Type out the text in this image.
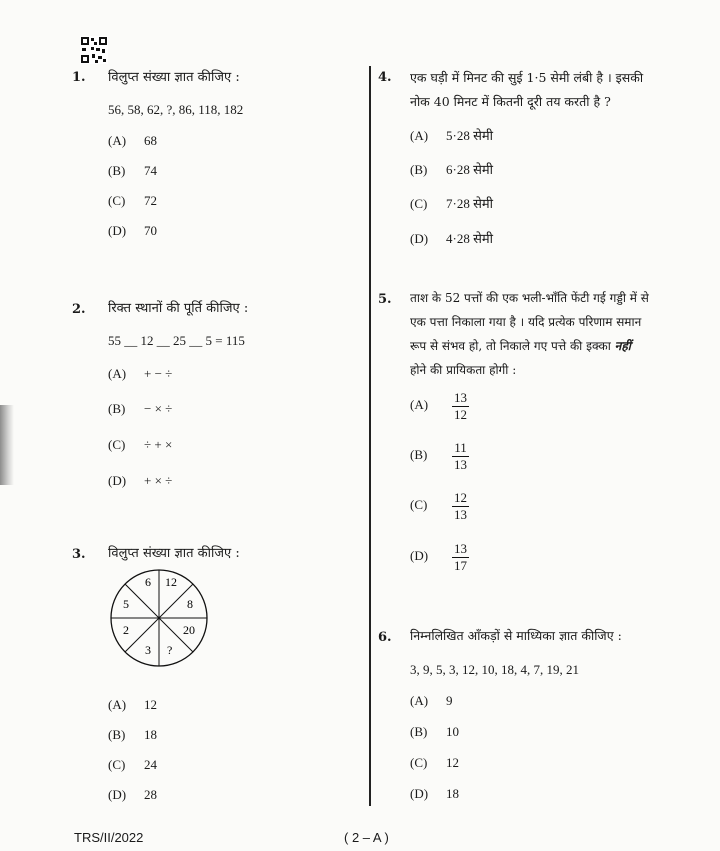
1. विलुप्त संख्या ज्ञात कीजिए :
56, 58, 62, ?, 86, 118, 182
(A) 68
(B) 74
(C) 72
(D) 70
2. रिक्त स्थानों की पूर्ति कीजिए :
55 __ 12 __ 25 __ 5 = 115
(A) + − ÷
(B) − × ÷
(C) ÷ + ×
(D) + × ÷
3. विलुप्त संख्या ज्ञात कीजिए :
6 12
5	8
2	20
3 ?
(A) 12
(B) 18
(C) 24
(D) 28
4. एक घड़ी में मिनट की सुई 1·5 सेमी लंबी है । इसकी
नोक 40 मिनट में कितनी दूरी तय करती है ?
(A) 5·28 सेमी
(B) 6·28 सेमी
(C) 7·28 सेमी
(D) 4·28 सेमी
5. ताश के 52 पत्तों की एक भली-भाँति फेंटी गई गड्डी में से
एक पत्ता निकाला गया है । यदि प्रत्येक परिणाम समान
रूप से संभव हो, तो निकाले गए पत्ते की इक्का नहीं
होने की प्रायिकता होगी :
$(A) \frac{13}{12}$
$(B) \frac{11}{13}$
$(C) \frac{12}{13}$
$(D) \frac{13}{17}$
6. निम्नलिखित आँकड़ों से माध्यिका ज्ञात कीजिए :
3, 9, 5, 3, 12, 10, 18, 4, 7, 19, 21
(A) 9
(B) 10
(C) 12
(D) 18
TRS/II/2022	( 2 – A )
